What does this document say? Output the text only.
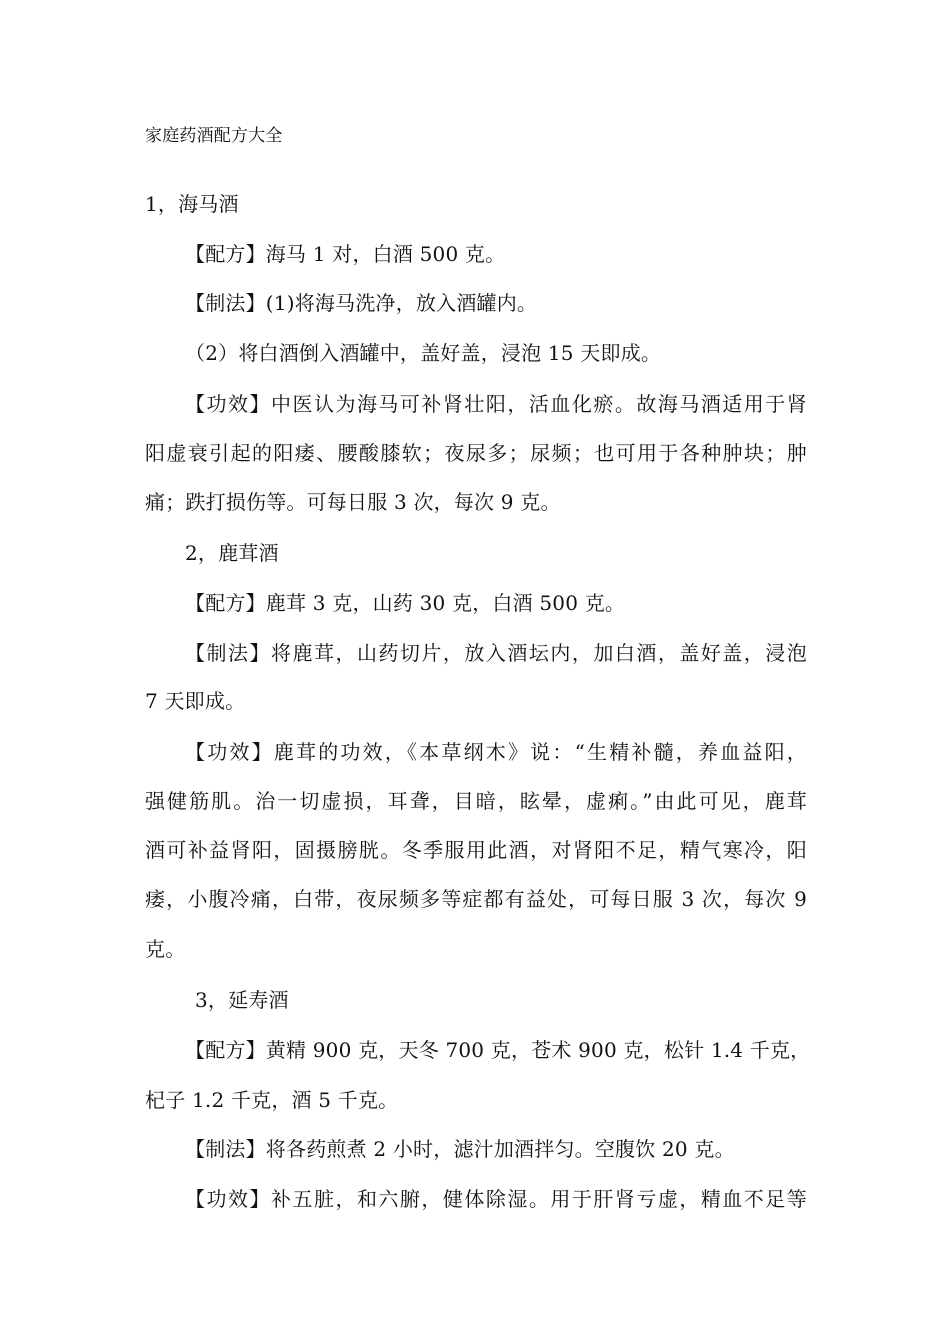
家庭药酒配方大全
1，海马酒
【配方】海马 1 对，白酒 500 克。
【制法】(1)将海马洗净，放入酒罐内。
（2）将白酒倒入酒罐中，盖好盖，浸泡 15 天即成。
【功效】中医认为海马可补肾壮阳，活血化瘀。故海马酒适用于肾
阳虚衰引起的阳痿、腰酸膝软；夜尿多；尿频；也可用于各种肿块；肿
痛；跌打损伤等。可每日服 3 次，每次 9 克。
2，鹿茸酒
【配方】鹿茸 3 克，山药 30 克，白酒 500 克。
【制法】将鹿茸，山药切片，放入酒坛内，加白酒，盖好盖，浸泡
7 天即成。
【功效】鹿茸的功效，《本草纲木》说：“生精补髓，养血益阳，
强健筋肌。治一切虚损，耳聋，目暗，眩晕，虚痢。”由此可见，鹿茸
酒可补益肾阳，固摄膀胱。冬季服用此酒，对肾阳不足，精气寒冷，阳
痿，小腹冷痛，白带，夜尿频多等症都有益处，可每日服 3 次，每次 9
克。
3，延寿酒
【配方】黄精 900 克，天冬 700 克，苍术 900 克，松针 1.4 千克，
杞子 1.2 千克，酒 5 千克。
【制法】将各药煎煮 2 小时，滤汁加酒拌匀。空腹饮 20 克。
【功效】补五脏，和六腑，健体除湿。用于肝肾亏虚，精血不足等
